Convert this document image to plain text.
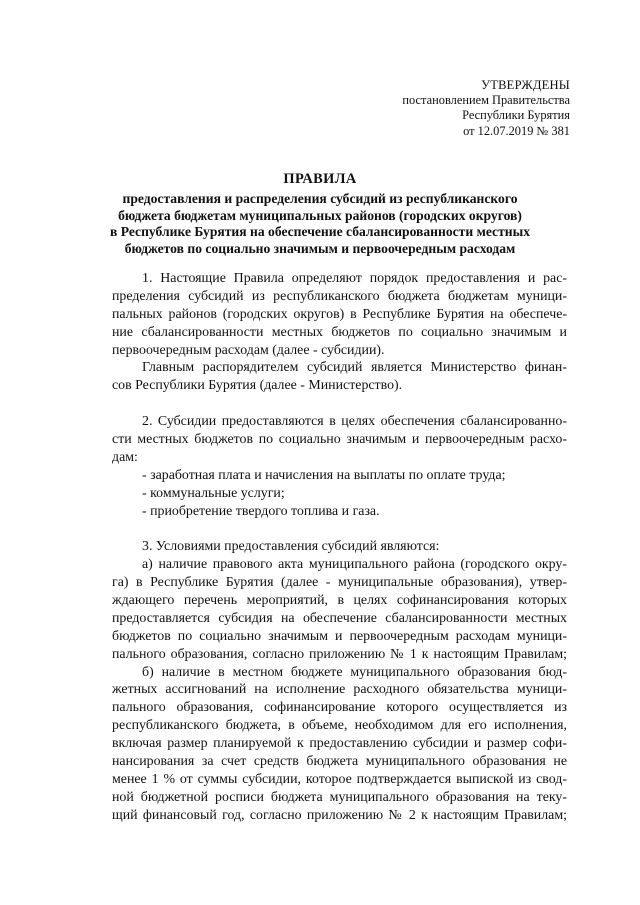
УТВЕРЖДЕНЫ
постановлением Правительства
Республики Бурятия
от 12.07.2019 № 381
ПРАВИЛА
предоставления и распределения субсидий из республиканского
бюджета бюджетам муниципальных районов (городских округов)
в Республике Бурятия на обеспечение сбалансированности местных
бюджетов по социально значимым и первоочередным расходам
1. Настоящие Правила определяют порядок предоставления и рас-
пределения субсидий из республиканского бюджета бюджетам муници-
пальных районов (городских округов) в Республике Бурятия на обеспече-
ние сбалансированности местных бюджетов по социально значимым и
первоочередным расходам (далее - субсидии).
Главным распорядителем субсидий является Министерство финан-
сов Республики Бурятия (далее - Министерство).
2. Субсидии предоставляются в целях обеспечения сбалансированно-
сти местных бюджетов по социально значимым и первоочередным расхо-
дам:
- заработная плата и начисления на выплаты по оплате труда;
- коммунальные услуги;
- приобретение твердого топлива и газа.
3. Условиями предоставления субсидий являются:
а) наличие правового акта муниципального района (городского окру-
га) в Республике Бурятия (далее - муниципальные образования), утвер-
ждающего перечень мероприятий, в целях софинансирования которых
предоставляется субсидия на обеспечение сбалансированности местных
бюджетов по социально значимым и первоочередным расходам муници-
пального образования, согласно приложению № 1 к настоящим Правилам;
б) наличие в местном бюджете муниципального образования бюд-
жетных ассигнований на исполнение расходного обязательства муници-
пального образования, софинансирование которого осуществляется из
республиканского бюджета, в объеме, необходимом для его исполнения,
включая размер планируемой к предоставлению субсидии и размер софи-
нансирования за счет средств бюджета муниципального образования не
менее 1 % от суммы субсидии, которое подтверждается выпиской из свод-
ной бюджетной росписи бюджета муниципального образования на теку-
щий финансовый год, согласно приложению № 2 к настоящим Правилам;
